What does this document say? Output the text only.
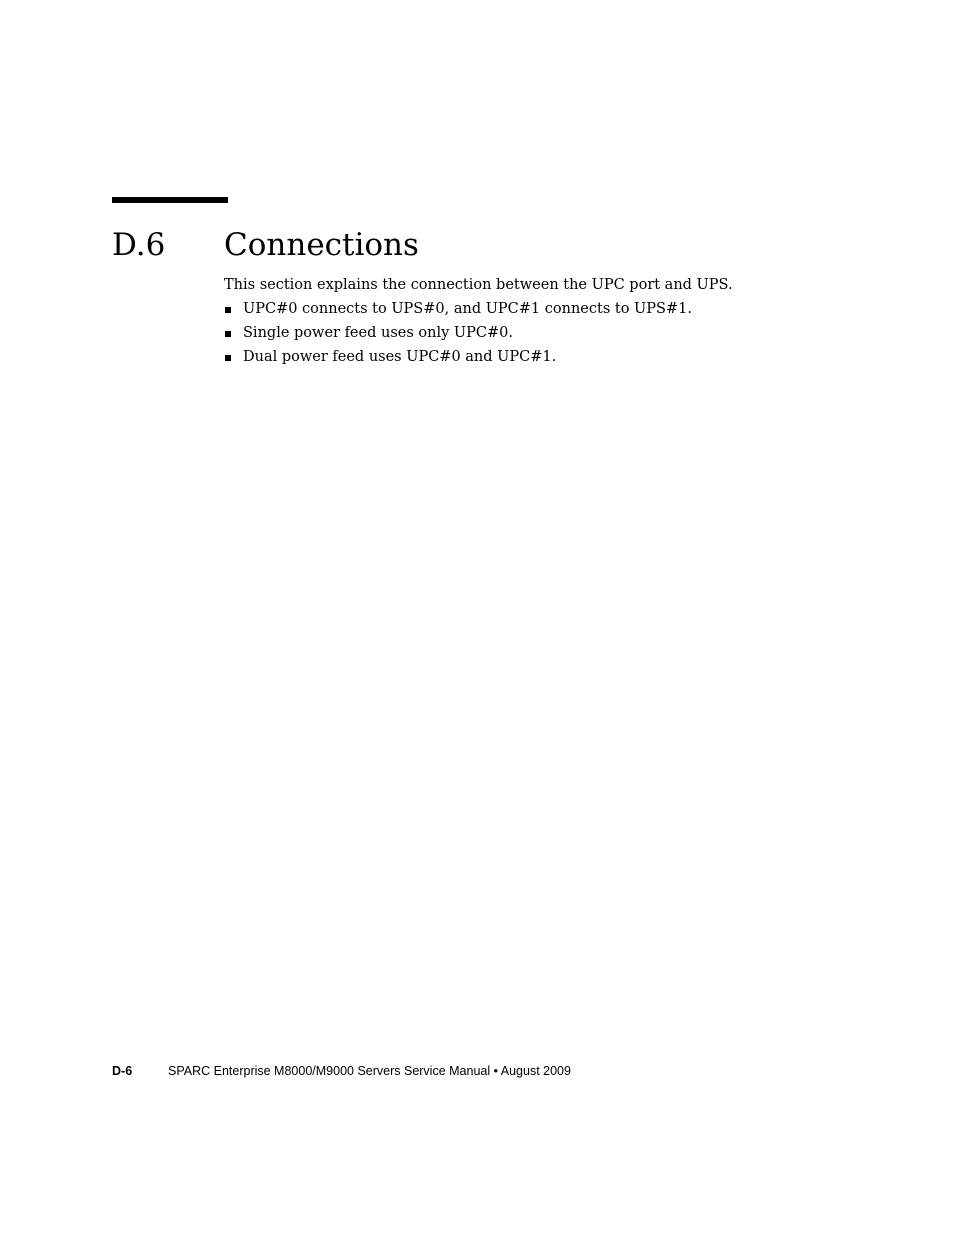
D.6 Connections
This section explains the connection between the UPC port and UPS.
UPC#0 connects to UPS#0, and UPC#1 connects to UPS#1.
Single power feed uses only UPC#0.
Dual power feed uses UPC#0 and UPC#1.
D-6	SPARC Enterprise M8000/M9000 Servers Service Manual • August 2009
